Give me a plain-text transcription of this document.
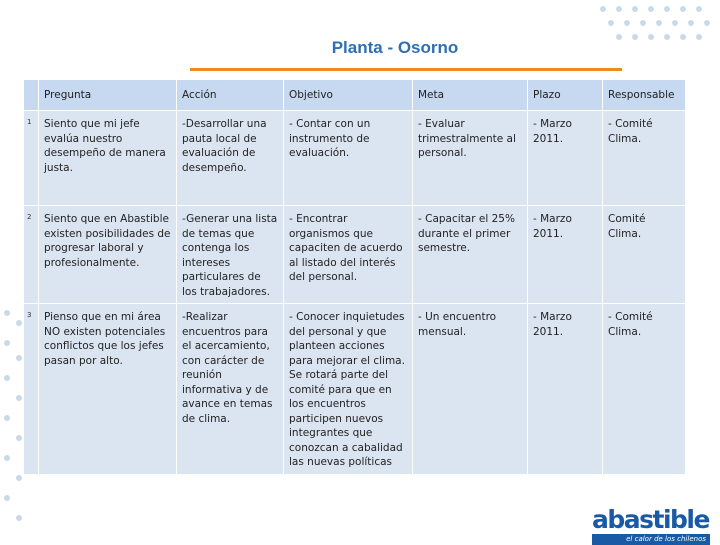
Planta - Osorno
	Pregunta	Acción	Objetivo	Meta	Plazo	Responsable
1	Siento que mi jefe evalúa nuestro desempeño de manera justa.	-Desarrollar una pauta local de evaluación de desempeño.	- Contar con un instrumento de evaluación.	- Evaluar trimestralmente al personal.	- Marzo 2011.	- Comité Clima.
2	Siento que en Abastible existen posibilidades de progresar laboral y profesionalmente.	-Generar una lista de temas que contenga los intereses particulares de los trabajadores.	- Encontrar organismos que capaciten de acuerdo al listado del interés del personal.	- Capacitar el 25% durante el primer semestre.	- Marzo 2011.	Comité Clima.
3	Pienso que en mi área NO existen potenciales conflictos que los jefes pasan por alto.	-Realizar encuentros para el acercamiento, con carácter de reunión informativa y de avance en temas de clima.	- Conocer inquietudes del personal y que planteen acciones para mejorar el clima. Se rotará parte del comité para que en los encuentros participen nuevos integrantes que conozcan a cabalidad las nuevas políticas	- Un encuentro mensual.	- Marzo 2011.	- Comité Clima.
abastible
el calor de los chilenos
